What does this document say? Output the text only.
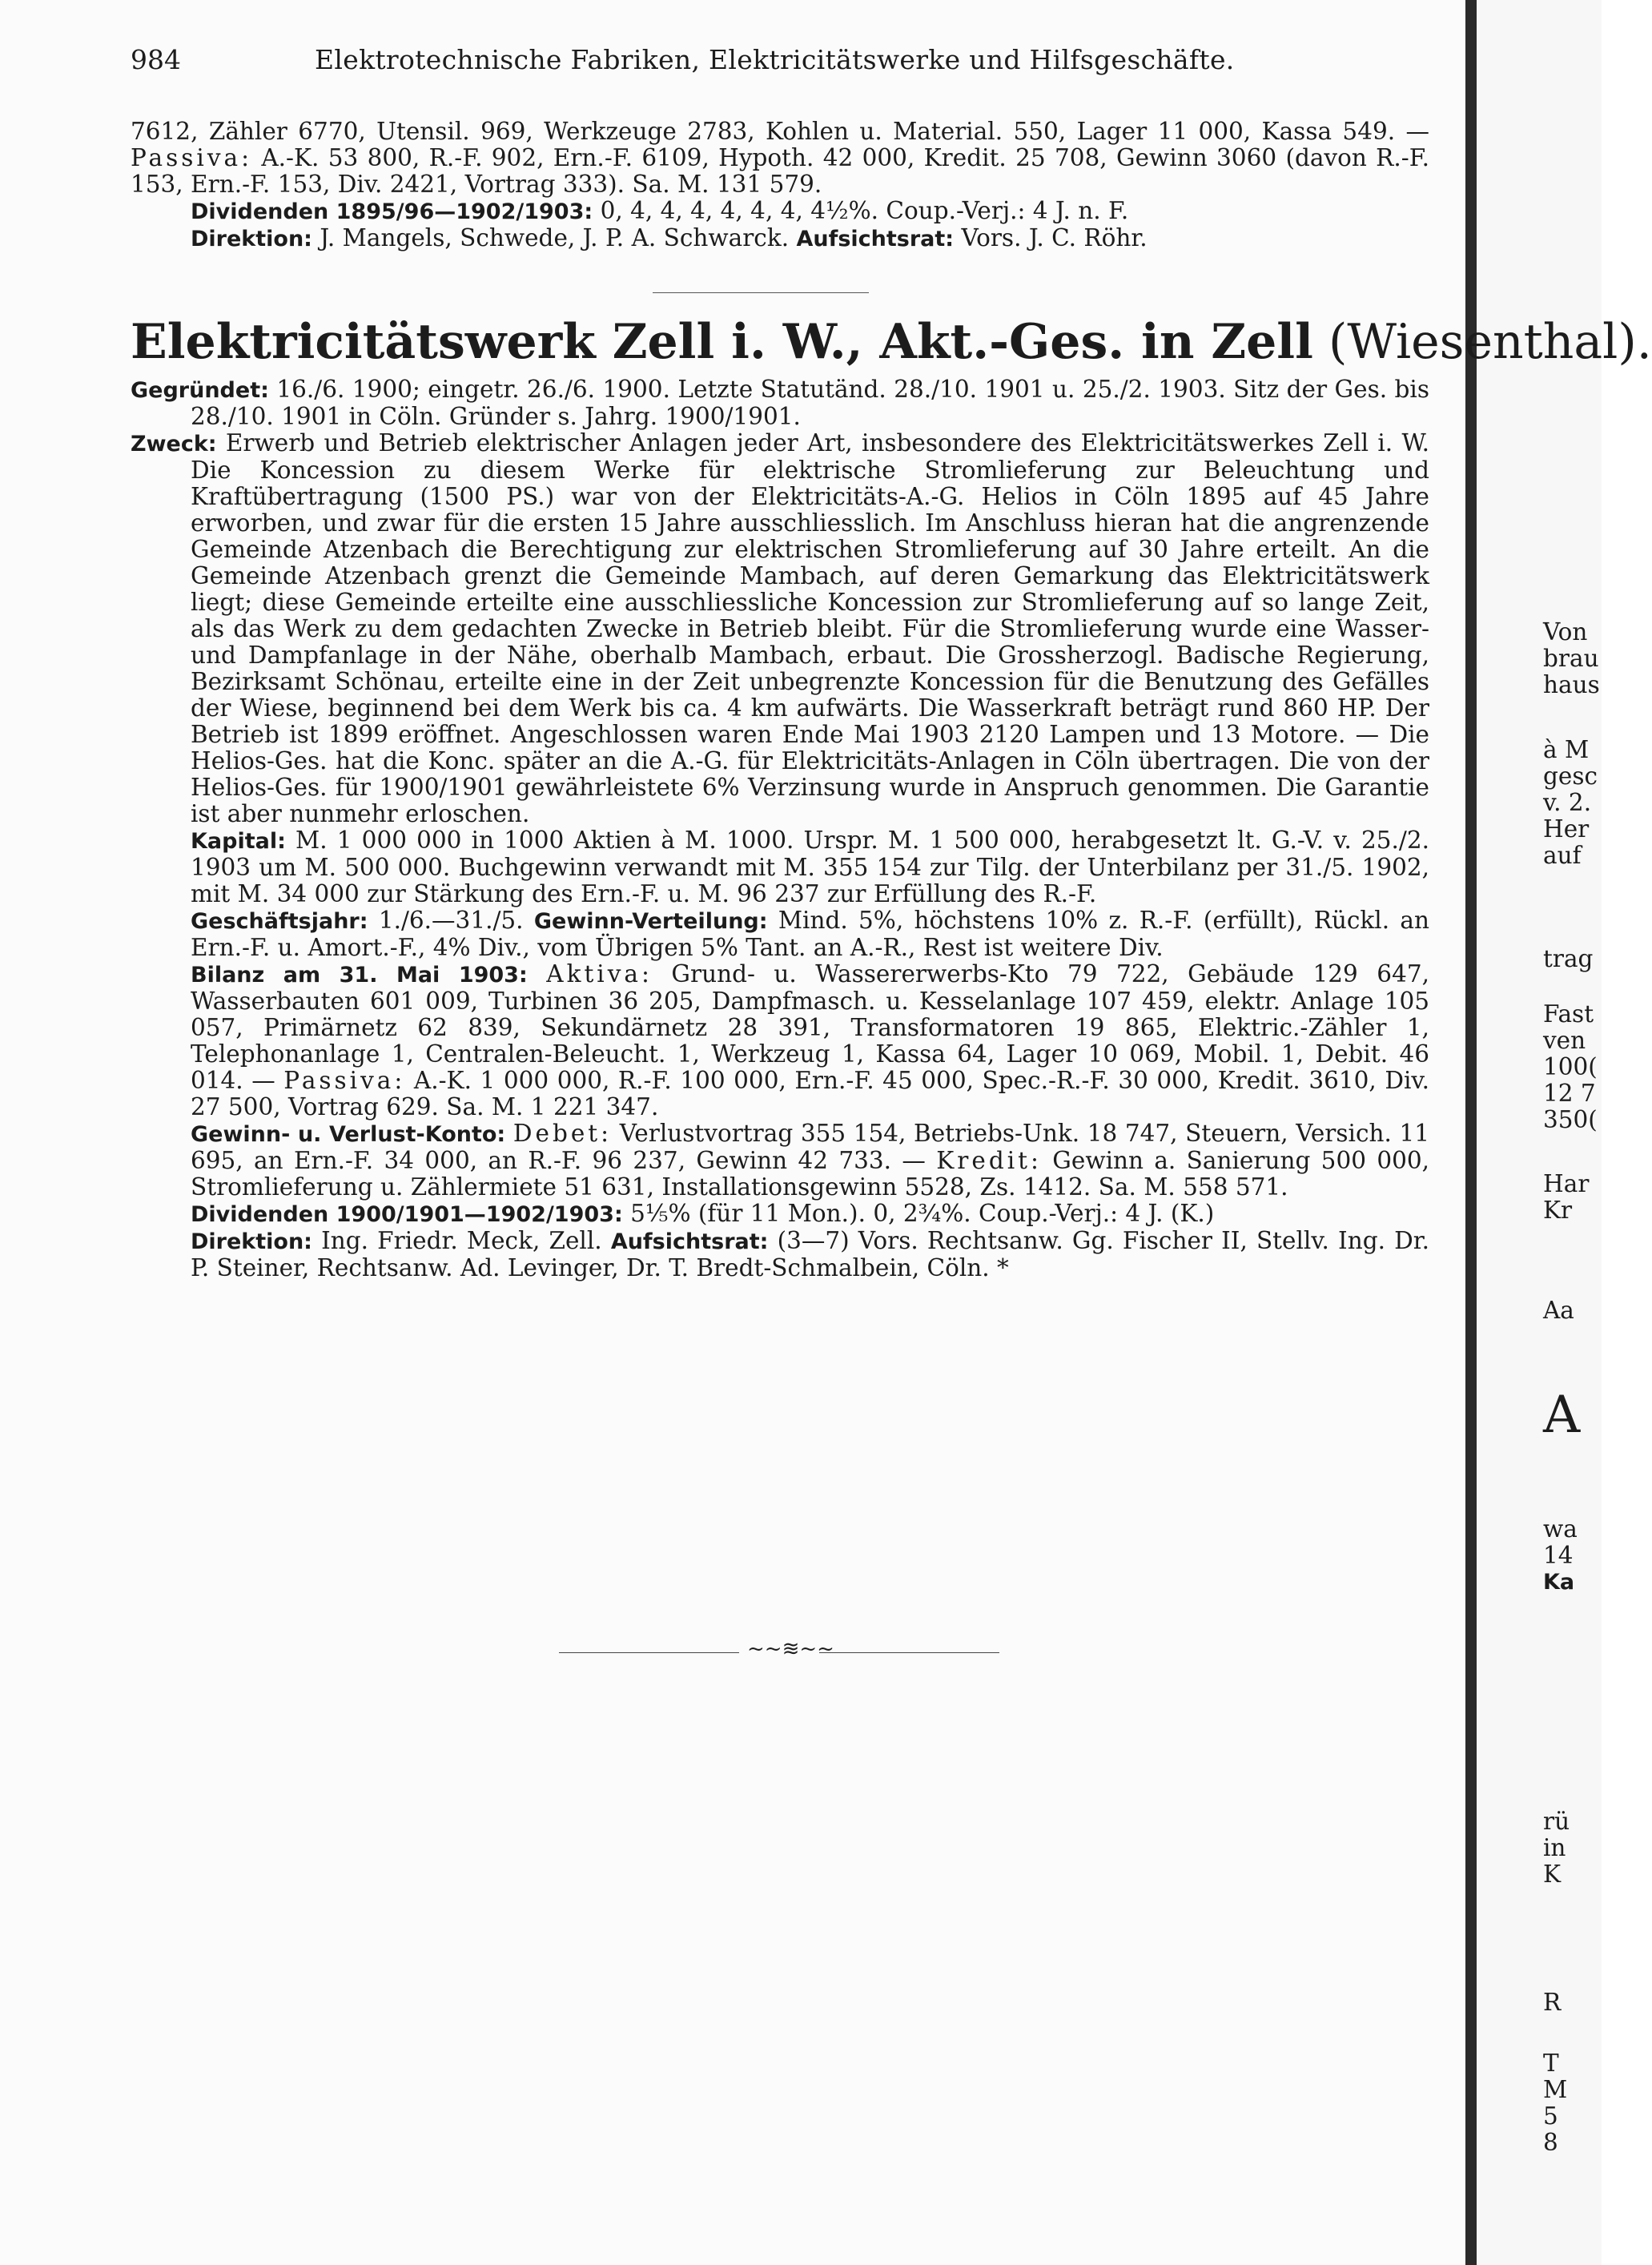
984	Elektrotechnische Fabriken, Elektricitätswerke und Hilfsgeschäfte.

7612, Zähler 6770, Utensil. 969, Werkzeuge 2783, Kohlen u. Material. 550, Lager 11 000, Kassa 549. — Passiva: A.-K. 53 800, R.-F. 902, Ern.-F. 6109, Hypoth. 42 000, Kredit. 25 708, Gewinn 3060 (davon R.-F. 153, Ern.-F. 153, Div. 2421, Vortrag 333). Sa. M. 131 579.

Dividenden 1895/96—1902/1903: 0, 4, 4, 4, 4, 4, 4, 4½%. Coup.-Verj.: 4 J. n. F.

Direktion: J. Mangels, Schwede, J. P. A. Schwarck. Aufsichtsrat: Vors. J. C. Röhr.

Elektricitätswerk Zell i. W., Akt.-Ges. in Zell (Wiesenthal).

Gegründet: 16./6. 1900; eingetr. 26./6. 1900. Letzte Statutänd. 28./10. 1901 u. 25./2. 1903. Sitz der Ges. bis 28./10. 1901 in Cöln. Gründer s. Jahrg. 1900/1901.

Zweck: Erwerb und Betrieb elektrischer Anlagen jeder Art, insbesondere des Elektricitätswerkes Zell i. W. Die Koncession zu diesem Werke für elektrische Stromlieferung zur Beleuchtung und Kraftübertragung (1500 PS.) war von der Elektricitäts-A.-G. Helios in Cöln 1895 auf 45 Jahre erworben, und zwar für die ersten 15 Jahre ausschliesslich. Im Anschluss hieran hat die angrenzende Gemeinde Atzenbach die Berechtigung zur elektrischen Stromlieferung auf 30 Jahre erteilt. An die Gemeinde Atzenbach grenzt die Gemeinde Mambach, auf deren Gemarkung das Elektricitätswerk liegt; diese Gemeinde erteilte eine ausschliessliche Koncession zur Stromlieferung auf so lange Zeit, als das Werk zu dem gedachten Zwecke in Betrieb bleibt. Für die Stromlieferung wurde eine Wasser- und Dampfanlage in der Nähe, oberhalb Mambach, erbaut. Die Grossherzogl. Badische Regierung, Bezirksamt Schönau, erteilte eine in der Zeit unbegrenzte Koncession für die Benutzung des Gefälles der Wiese, beginnend bei dem Werk bis ca. 4 km aufwärts. Die Wasserkraft beträgt rund 860 HP. Der Betrieb ist 1899 eröffnet. Angeschlossen waren Ende Mai 1903 2120 Lampen und 13 Motore. — Die Helios-Ges. hat die Konc. später an die A.-G. für Elektricitäts-Anlagen in Cöln übertragen. Die von der Helios-Ges. für 1900/1901 gewährleistete 6% Verzinsung wurde in Anspruch genommen. Die Garantie ist aber nunmehr erloschen.

Kapital: M. 1 000 000 in 1000 Aktien à M. 1000. Urspr. M. 1 500 000, herabgesetzt lt. G.-V. v. 25./2. 1903 um M. 500 000. Buchgewinn verwandt mit M. 355 154 zur Tilg. der Unterbilanz per 31./5. 1902, mit M. 34 000 zur Stärkung des Ern.-F. u. M. 96 237 zur Erfüllung des R.-F.

Geschäftsjahr: 1./6.—31./5. Gewinn-Verteilung: Mind. 5%, höchstens 10% z. R.-F. (erfüllt), Rückl. an Ern.-F. u. Amort.-F., 4% Div., vom Übrigen 5% Tant. an A.-R., Rest ist weitere Div.

Bilanz am 31. Mai 1903: Aktiva: Grund- u. Wassererwerbs-Kto 79 722, Gebäude 129 647, Wasserbauten 601 009, Turbinen 36 205, Dampfmasch. u. Kesselanlage 107 459, elektr. Anlage 105 057, Primärnetz 62 839, Sekundärnetz 28 391, Transformatoren 19 865, Elektric.-Zähler 1, Telephonanlage 1, Centralen-Beleucht. 1, Werkzeug 1, Kassa 64, Lager 10 069, Mobil. 1, Debit. 46 014. — Passiva: A.-K. 1 000 000, R.-F. 100 000, Ern.-F. 45 000, Spec.-R.-F. 30 000, Kredit. 3610, Div. 27 500, Vortrag 629. Sa. M. 1 221 347.

Gewinn- u. Verlust-Konto: Debet: Verlustvortrag 355 154, Betriebs-Unk. 18 747, Steuern, Versich. 11 695, an Ern.-F. 34 000, an R.-F. 96 237, Gewinn 42 733. — Kredit: Gewinn a. Sanierung 500 000, Stromlieferung u. Zählermiete 51 631, Installationsgewinn 5528, Zs. 1412. Sa. M. 558 571.

Dividenden 1900/1901—1902/1903: 5⅕% (für 11 Mon.). 0, 2¾%. Coup.-Verj.: 4 J. (K.)

Direktion: Ing. Friedr. Meck, Zell. Aufsichtsrat: (3—7) Vors. Rechtsanw. Gg. Fischer II, Stellv. Ing. Dr. P. Steiner, Rechtsanw. Ad. Levinger, Dr. T. Bredt-Schmalbein, Cöln. *

~~≋~~
Von
brau
haus
à M
gesc
v. 2.
Her
auf
trag
Fast
ven
100(
12 7
350(
Har
Kr
Aa
A
wa
14
Ka
rü
in
K
R
T
M
5
8
